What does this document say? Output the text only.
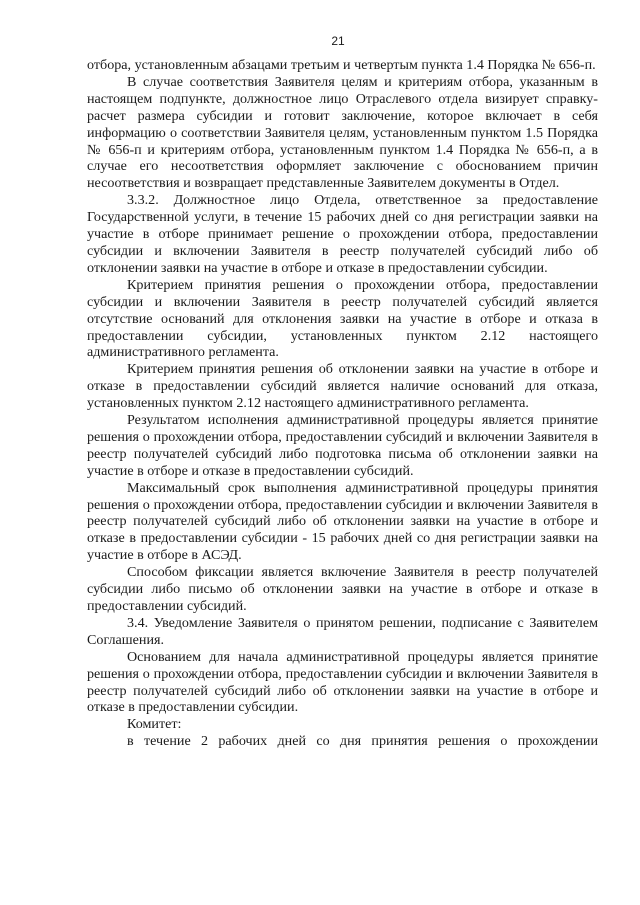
21

отбора, установленным абзацами третьим и четвертым пункта 1.4 Порядка № 656-п.

В случае соответствия Заявителя целям и критериям отбора, указанным в настоящем подпункте, должностное лицо Отраслевого отдела визирует справку-расчет размера субсидии и готовит заключение, которое включает в себя информацию о соответствии Заявителя целям, установленным пунктом 1.5 Порядка № 656-п и критериям отбора, установленным пунктом 1.4 Порядка № 656-п, а в случае его несоответствия оформляет заключение с обоснованием причин несоответствия и возвращает представленные Заявителем документы в Отдел.

3.3.2. Должностное лицо Отдела, ответственное за предоставление Государственной услуги, в течение 15 рабочих дней со дня регистрации заявки на участие в отборе принимает решение о прохождении отбора, предоставлении субсидии и включении Заявителя в реестр получателей субсидий либо об отклонении заявки на участие в отборе и отказе в предоставлении субсидии.

Критерием принятия решения о прохождении отбора, предоставлении субсидии и включении Заявителя в реестр получателей субсидий является отсутствие оснований для отклонения заявки на участие в отборе и отказа в предоставлении субсидии, установленных пунктом 2.12 настоящего административного регламента.

Критерием принятия решения об отклонении заявки на участие в отборе и отказе в предоставлении субсидий является наличие оснований для отказа, установленных пунктом 2.12 настоящего административного регламента.

Результатом исполнения административной процедуры является принятие решения о прохождении отбора, предоставлении субсидий и включении Заявителя в реестр получателей субсидий либо подготовка письма об отклонении заявки на участие в отборе и отказе в предоставлении субсидий.

Максимальный срок выполнения административной процедуры принятия решения о прохождении отбора, предоставлении субсидии и включении Заявителя в реестр получателей субсидий либо об отклонении заявки на участие в отборе и отказе в предоставлении субсидии - 15 рабочих дней со дня регистрации заявки на участие в отборе в АСЭД.

Способом фиксации является включение Заявителя в реестр получателей субсидии либо письмо об отклонении заявки на участие в отборе и отказе в предоставлении субсидий.

3.4. Уведомление Заявителя о принятом решении, подписание с Заявителем Соглашения.

Основанием для начала административной процедуры является принятие решения о прохождении отбора, предоставлении субсидии и включении Заявителя в реестр получателей субсидий либо об отклонении заявки на участие в отборе и отказе в предоставлении субсидии.

Комитет:

в течение 2 рабочих дней со дня принятия решения о прохождении
